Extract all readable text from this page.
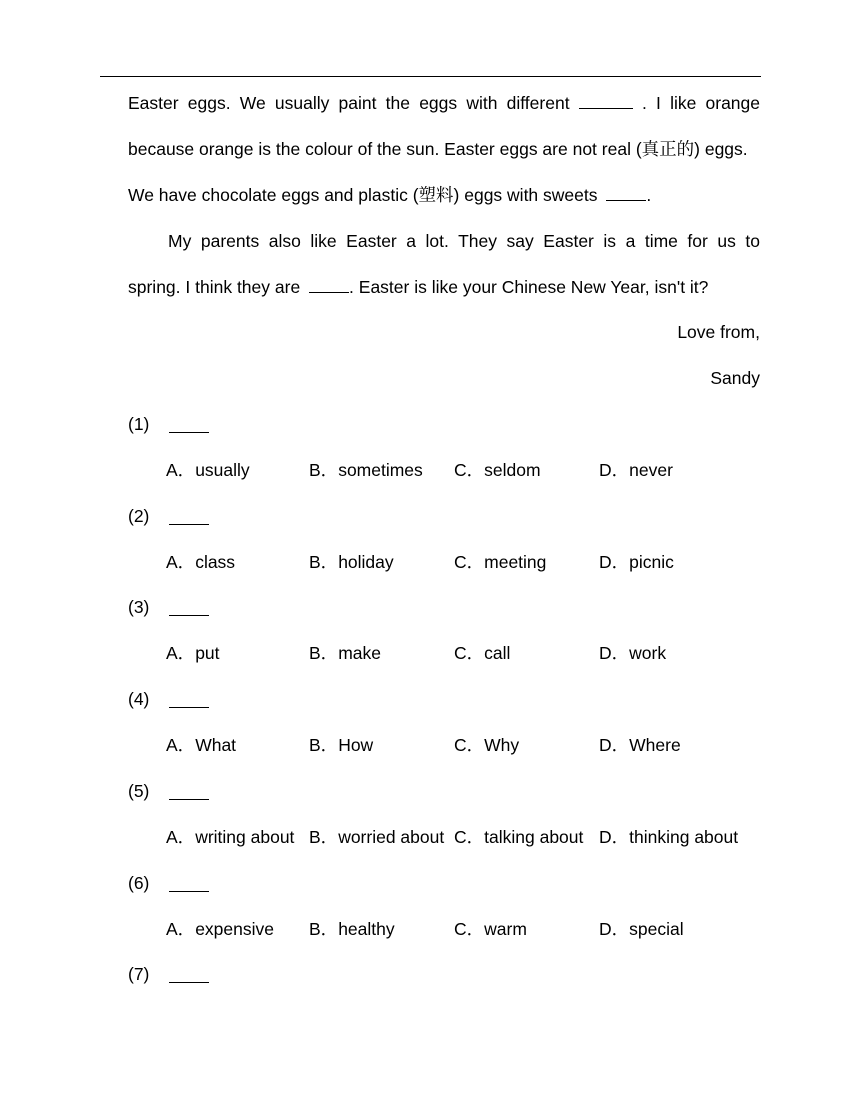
Easter eggs. We usually paint the eggs with different	. I like orange
because orange is the colour of the sun. Easter eggs are not real (真正的) eggs.
We have chocolate eggs and plastic (塑料) eggs with sweets	.
My parents also like Easter a lot. They say Easter is a time for us to
spring. I think they are	. Easter is like your Chinese New Year, isn't it?
Love from,
Sandy
(1)
A．usually	B．sometimes C．seldom	D．never
(2)
A．class	B．holiday	C．meeting	D．picnic
(3)
A．put	B．make	C．call	D．work
(4)
A．What	B．How	C．Why	D．Where
(5)
A．writing about B．worried about C．talking about D．thinking about
(6)
A．expensive B．healthy	C．warm	D．special
(7)
